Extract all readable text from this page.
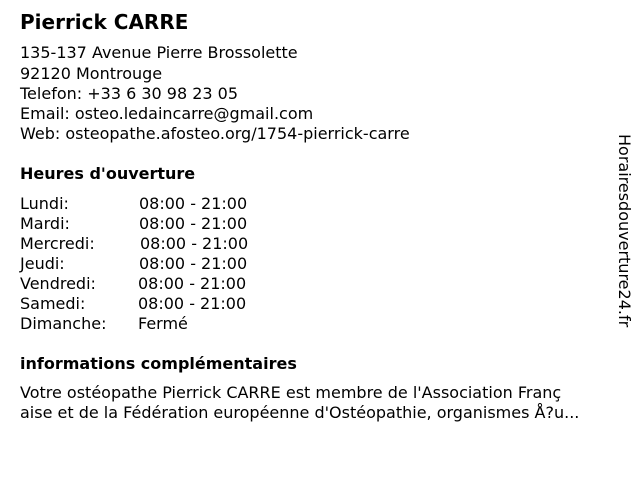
Pierrick CARRE
135-137 Avenue Pierre Brossolette
92120 Montrouge
Telefon: +33 6 30 98 23 05
Email: osteo.ledaincarre@gmail.com
Web: osteopathe.afosteo.org/1754-pierrick-carre
Heures d'ouverture
Lundi:	08:00 - 21:00
Mardi:	08:00 - 21:00
Mercredi:	08:00 - 21:00
Jeudi:	08:00 - 21:00
Vendredi:	08:00 - 21:00
Samedi:	08:00 - 21:00
Dimanche: Fermé
informations complémentaires
Votre ostéopathe Pierrick CARRE est membre de l'Association Franç
aise et de la Fédération européenne d'Ostéopathie, organismes Å?u...
Horairesdouverture24.fr
